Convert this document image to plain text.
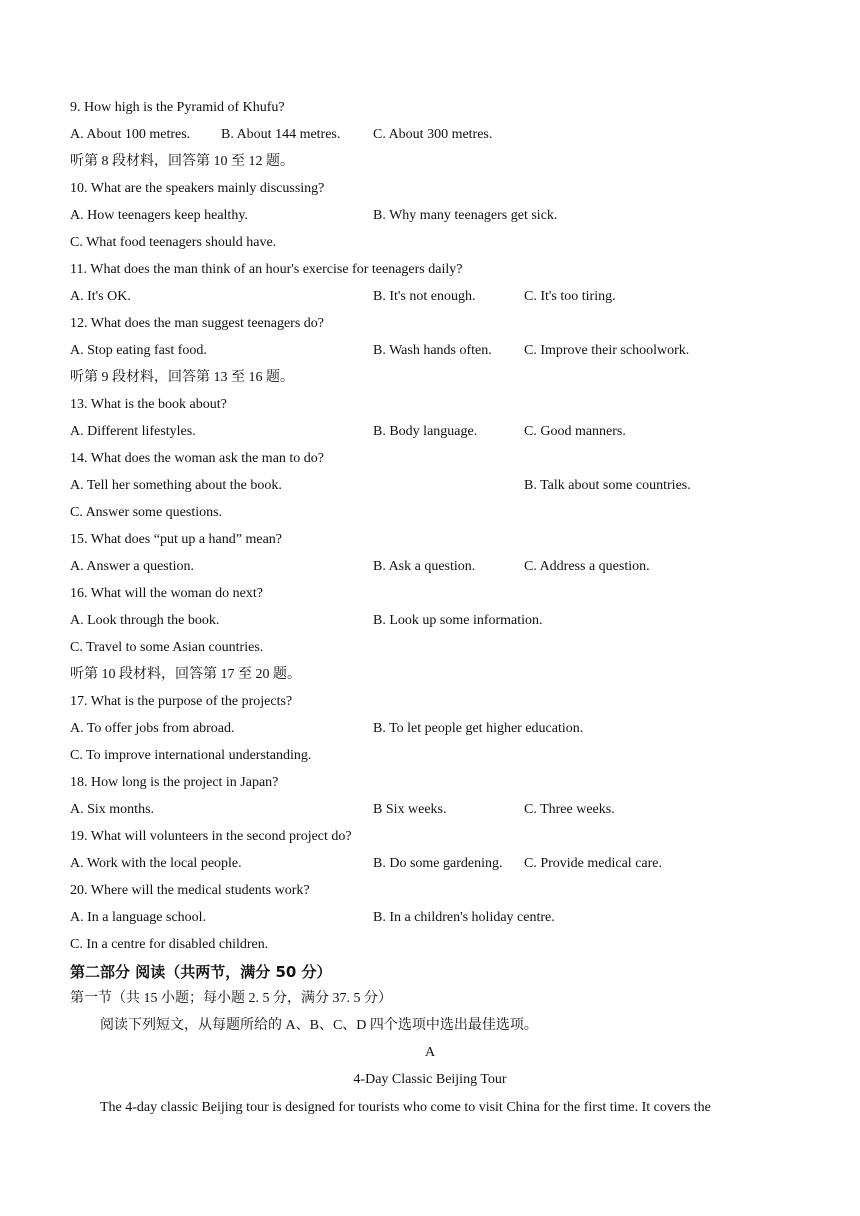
9. How high is the Pyramid of Khufu?
A. About 100 metres. B. About 144 metres. C. About 300 metres.
听第 8 段材料，回答第 10 至 12 题。
10. What are the speakers mainly discussing?
A. How teenagers keep healthy.	B. Why many teenagers get sick.
C. What food teenagers should have.
11. What does the man think of an hour's exercise for teenagers daily?
A. It's OK.	B. It's not enough.	C. It's too tiring.
12. What does the man suggest teenagers do?
A. Stop eating fast food.	B. Wash hands often. C. Improve their schoolwork.
听第 9 段材料，回答第 13 至 16 题。
13. What is the book about?
A. Different lifestyles.	B. Body language.	C. Good manners.
14. What does the woman ask the man to do?
A. Tell her something about the book.	B. Talk about some countries.
C. Answer some questions.
15. What does “put up a hand” mean?
A. Answer a question.	B. Ask a question.	C. Address a question.
16. What will the woman do next?
A. Look through the book.	B. Look up some information.
C. Travel to some Asian countries.
听第 10 段材料，回答第 17 至 20 题。
17. What is the purpose of the projects?
A. To offer jobs from abroad.	B. To let people get higher education.
C. To improve international understanding.
18. How long is the project in Japan?
A. Six months.	B Six weeks.	C. Three weeks.
19. What will volunteers in the second project do?
A. Work with the local people.	B. Do some gardening. C. Provide medical care.
20. Where will the medical students work?
A. In a language school.	B. In a children's holiday centre.
C. In a centre for disabled children.
第二部分 阅读（共两节，满分 50 分）
第一节（共 15 小题；每小题 2. 5 分，满分 37. 5 分）
阅读下列短文，从每题所给的 A、B、C、D 四个选项中选出最佳选项。
A
4-Day Classic Beijing Tour
The 4-day classic Beijing tour is designed for tourists who come to visit China for the first time. It covers the
